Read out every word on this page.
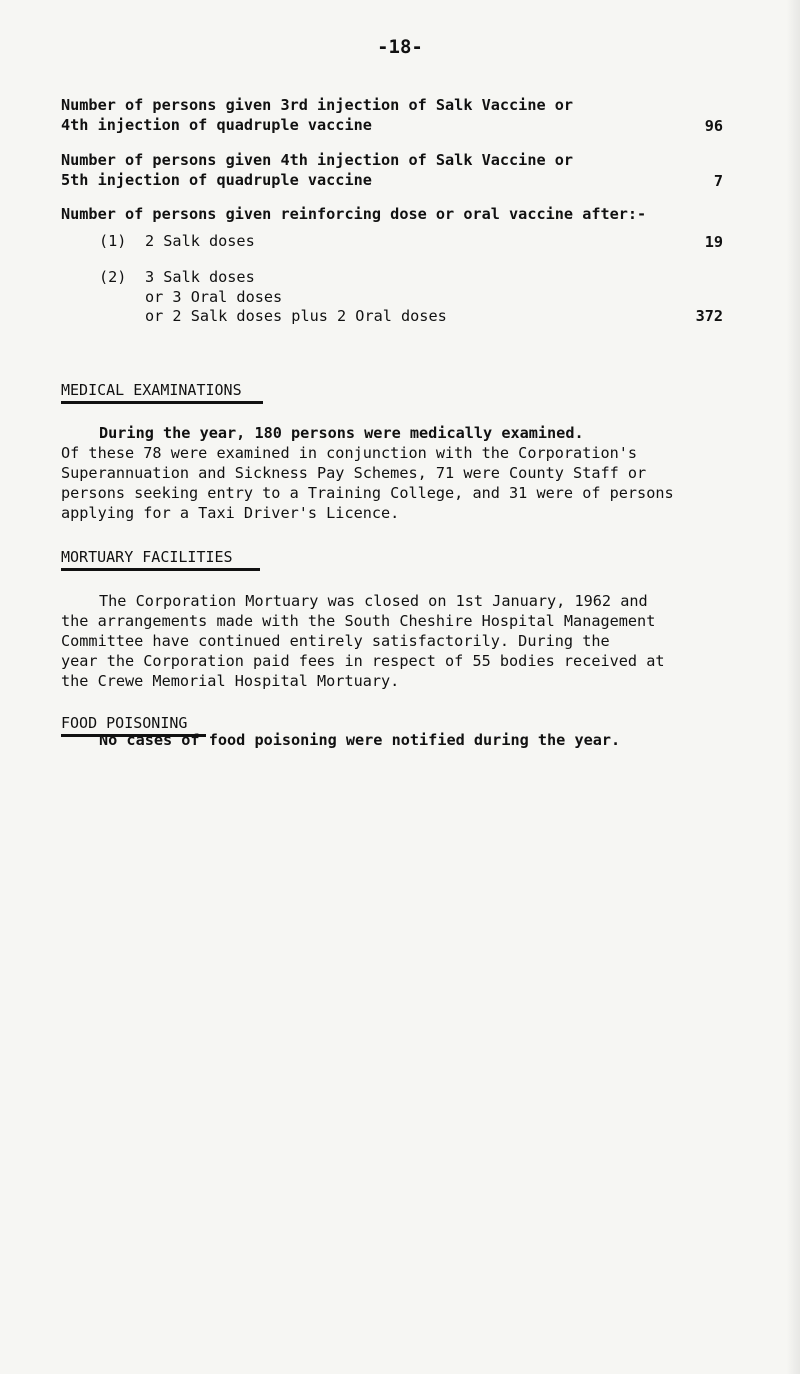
-18-
Number of persons given 3rd injection of Salk Vaccine or
4th injection of quadruple vaccine	96
Number of persons given 4th injection of Salk Vaccine or
5th injection of quadruple vaccine	7
Number of persons given reinforcing dose or oral vaccine after:-
(1) 2 Salk doses	19
(2) 3 Salk doses
or 3 Oral doses
or 2 Salk doses plus 2 Oral doses	372
MEDICAL EXAMINATIONS
During the year, 180 persons were medically examined.
Of these 78 were examined in conjunction with the Corporation's
Superannuation and Sickness Pay Schemes, 71 were County Staff or
persons seeking entry to a Training College, and 31 were of persons
applying for a Taxi Driver's Licence.
MORTUARY FACILITIES
The Corporation Mortuary was closed on 1st January, 1962 and
the arrangements made with the South Cheshire Hospital Management
Committee have continued entirely satisfactorily. During the
year the Corporation paid fees in respect of 55 bodies received at
the Crewe Memorial Hospital Mortuary.
FOOD POISONING
No cases of food poisoning were notified during the year.
